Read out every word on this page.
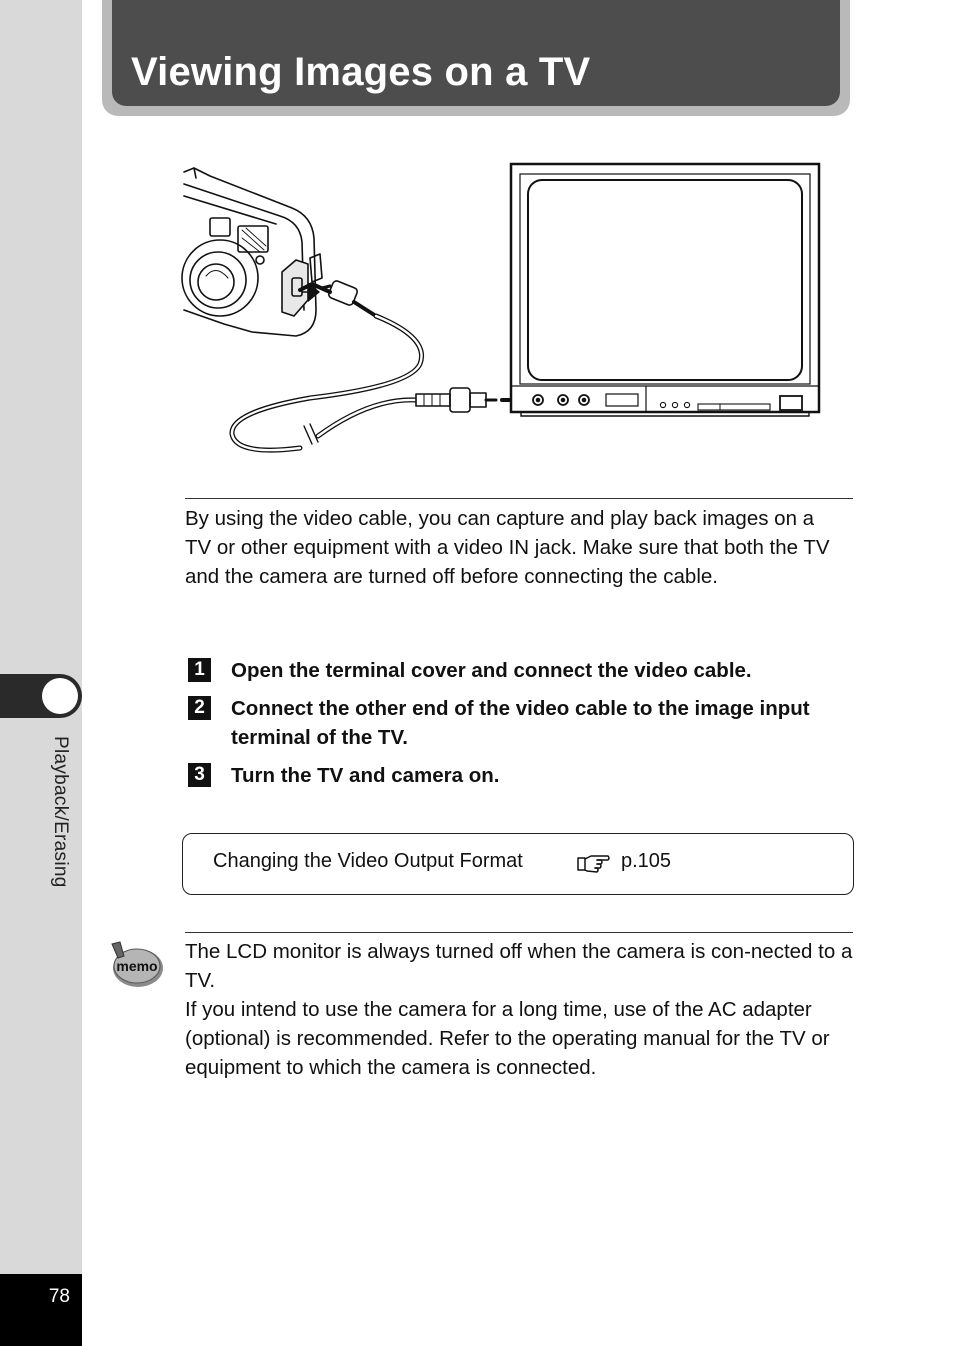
Playback/Erasing
78
Viewing Images on a TV

By using the video cable, you can capture and play back images on a TV or other equipment with a video IN jack. Make sure that both the TV and the camera are turned off before connecting the cable.

1	Open the terminal cover and connect the video cable.
2	Connect the other end of the video cable to the image input terminal of the TV.
3	Turn the TV and camera on.
Changing the Video Output Format	p.105
memo
The LCD monitor is always turned off when the camera is con-nected to a TV.
If you intend to use the camera for a long time, use of the AC adapter (optional) is recommended. Refer to the operating manual for the TV or equipment to which the camera is connected.
